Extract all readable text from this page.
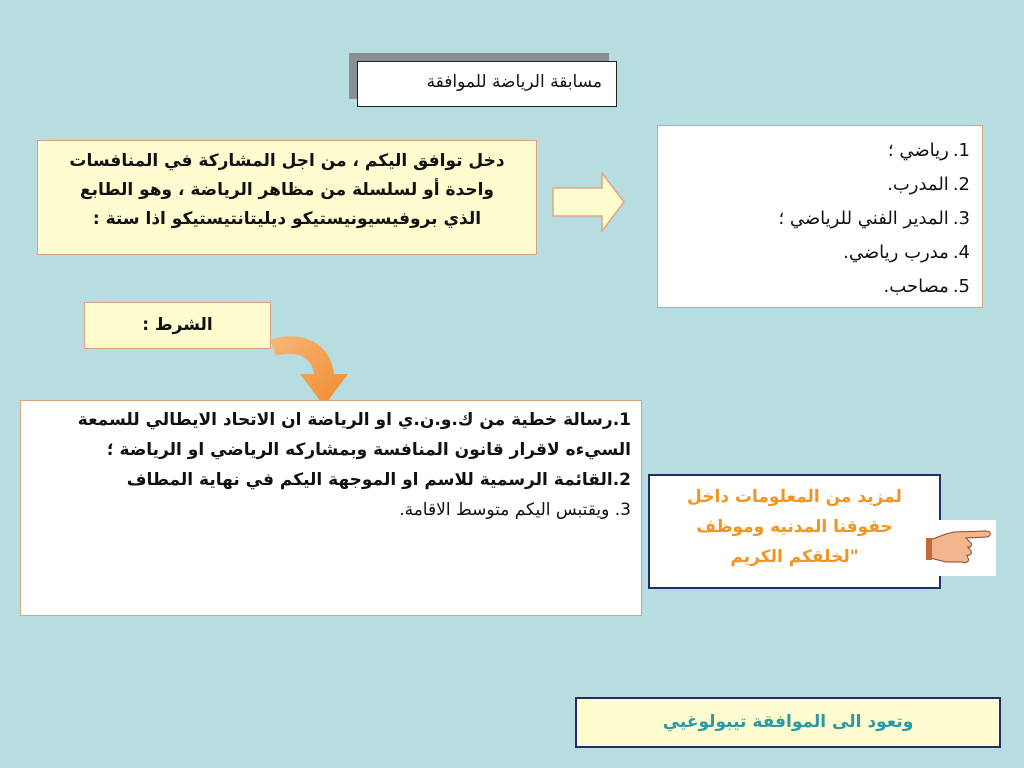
مسابقة الرياضة للموافقة
دخل توافق اليكم ، من اجل المشاركة في المنافسات
واحدة أو لسلسلة من مظاهر الرياضة ، وهو الطابع
الذي بروفيسيونيستيكو ديليتانتيستيكو اذا ستة :
1.
رياضي ؛
2.
المدرب.
3.
المدير الفني للرياضي ؛
4.
مدرب رياضي.
5.
مصاحب.
الشرط :
1.رسالة خطية من ك.و.ن.ي او الرياضة ان الاتحاد الايطالي للسمعة السيءه لاقرار قانون المنافسة وبمشاركه الرياضي او الرياضة ؛
2.القائمة الرسمية للاسم او الموجهة اليكم في نهاية المطاف
3. ويقتبس اليكم متوسط الاقامة.
لمزيد من المعلومات داخل
حقوقنا المدنيه وموظف
"لخلقكم الكريم
وتعود الى الموافقة تيبولوغيي
